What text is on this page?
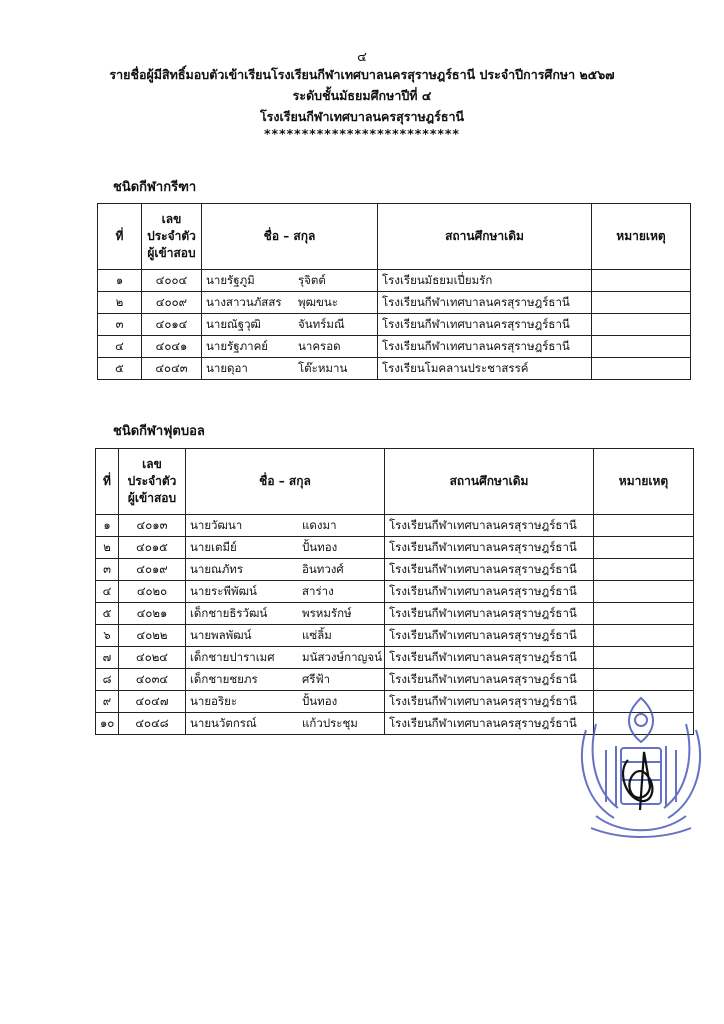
๔
รายชื่อผู้มีสิทธิ์มอบตัวเข้าเรียนโรงเรียนกีฬาเทศบาลนครสุราษฎร์ธานี ประจำปีการศึกษา ๒๕๖๗
ระดับชั้นมัธยมศึกษาปีที่ ๔
โรงเรียนกีฬาเทศบาลนครสุราษฎร์ธานี
**************************
ชนิดกีฬากรีฑา
ที่	เลข
ประจำตัว
ผู้เข้าสอบ	ชื่อ – สกุล	สถานศึกษาเดิม	หมายเหตุ
๑	๔๐๐๔	นายรัฐภูมิ รุจิตต์	โรงเรียนมัธยมเปี่ยมรัก	
๒	๔๐๐๙	นางสาวนภัสสร พุฒขนะ	โรงเรียนกีฬาเทศบาลนครสุราษฎร์ธานี	
๓	๔๐๑๔	นายณัฐวุฒิ จันทร์มณี	โรงเรียนกีฬาเทศบาลนครสุราษฎร์ธานี	
๔	๔๐๔๑	นายรัฐภาคย์ นาครอด	โรงเรียนกีฬาเทศบาลนครสุราษฎร์ธานี	
๕	๔๐๔๓	นายดุอา โต๊ะหมาน	โรงเรียนโมคลานประชาสรรค์	
ชนิดกีฬาฟุตบอล
ที่	เลข
ประจำตัว
ผู้เข้าสอบ	ชื่อ – สกุล	สถานศึกษาเดิม	หมายเหตุ
๑	๔๐๑๓	นายวัฒนา แดงมา	โรงเรียนกีฬาเทศบาลนครสุราษฎร์ธานี	
๒	๔๐๑๕	นายเตมีย์ ปั้นทอง	โรงเรียนกีฬาเทศบาลนครสุราษฎร์ธานี	
๓	๔๐๑๙	นายณภัทร อินทวงศ์	โรงเรียนกีฬาเทศบาลนครสุราษฎร์ธานี	
๔	๔๐๒๐	นายระพีพัฒน์ สาร่าง	โรงเรียนกีฬาเทศบาลนครสุราษฎร์ธานี	
๕	๔๐๒๑	เด็กชายธิรวัฒน์ พรหมรักษ์	โรงเรียนกีฬาเทศบาลนครสุราษฎร์ธานี	
๖	๔๐๒๒	นายพลพัฒน์ แซ่ลิ้ม	โรงเรียนกีฬาเทศบาลนครสุราษฎร์ธานี	
๗	๔๐๒๔	เด็กชายปาราเมศ มนัสวงษ์กาญจน์	โรงเรียนกีฬาเทศบาลนครสุราษฎร์ธานี	
๘	๔๐๓๔	เด็กชายชยภร ศรีฟ้า	โรงเรียนกีฬาเทศบาลนครสุราษฎร์ธานี	
๙	๔๐๔๗	นายอริยะ ปั้นทอง	โรงเรียนกีฬาเทศบาลนครสุราษฎร์ธานี	
๑๐	๔๐๔๘	นายนวัตกรณ์ แก้วประชุม	โรงเรียนกีฬาเทศบาลนครสุราษฎร์ธานี	
